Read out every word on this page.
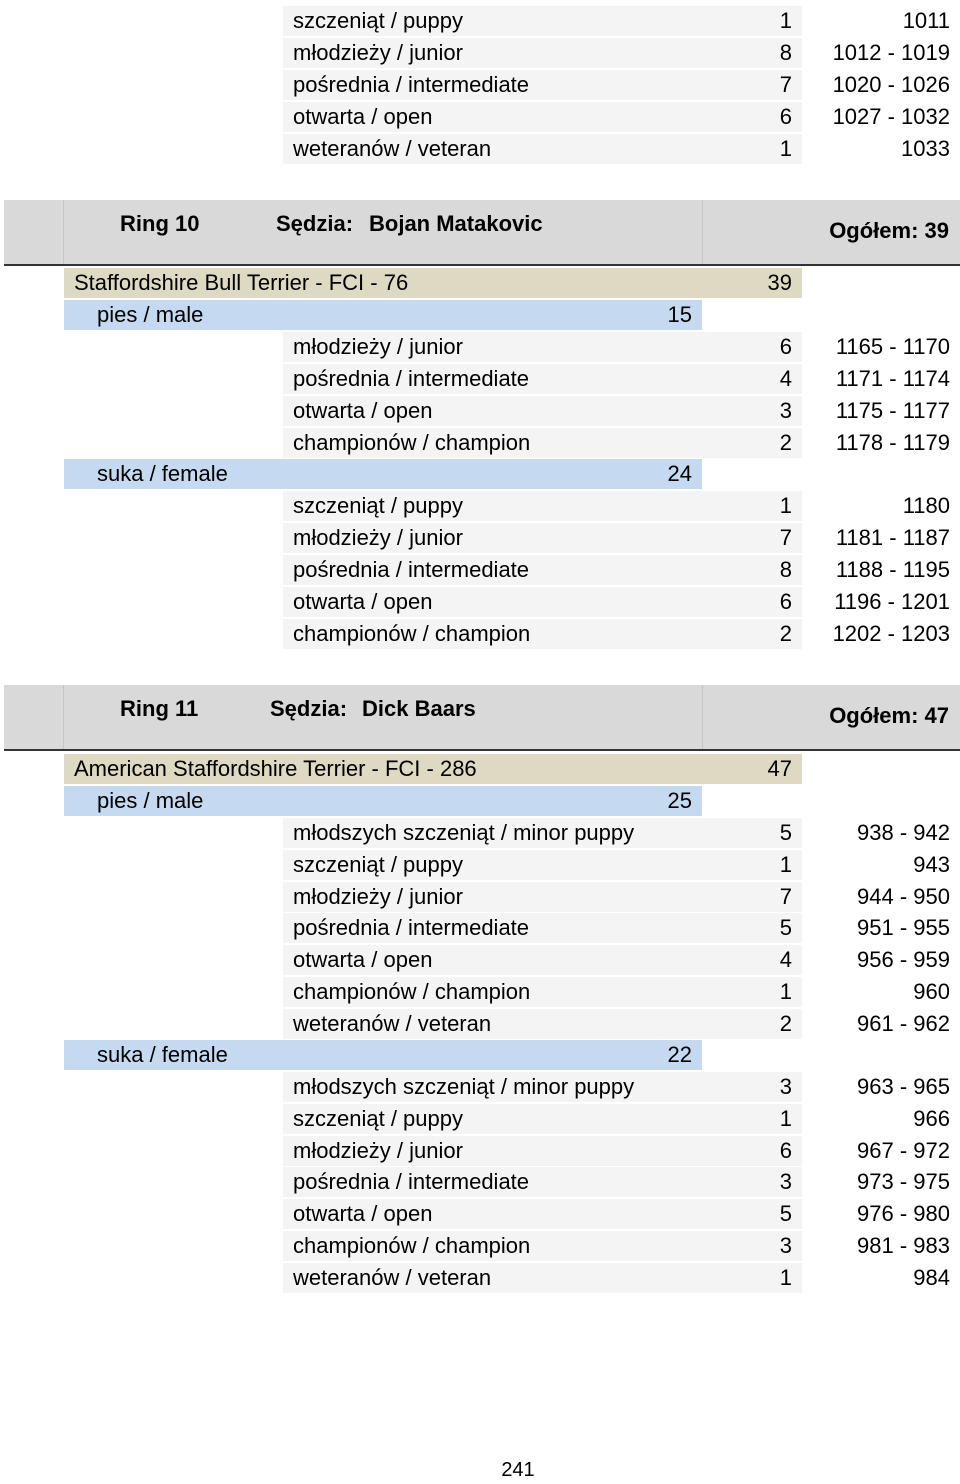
szczeniąt / puppy	1	1011
młodzieży / junior	8	1012 - 1019
pośrednia / intermediate	7	1020 - 1026
otwarta / open	6	1027 - 1032
weteranów / veteran	1	1033
Ring 10	Sędzia: Bojan Matakovic	Ogółem: 39
Staffordshire Bull Terrier - FCI - 76	39
pies / male	15
młodzieży / junior	6	1165 - 1170
pośrednia / intermediate	4	1171 - 1174
otwarta / open	3	1175 - 1177
championów / champion	2	1178 - 1179
suka / female	24
szczeniąt / puppy	1	1180
młodzieży / junior	7	1181 - 1187
pośrednia / intermediate	8	1188 - 1195
otwarta / open	6	1196 - 1201
championów / champion	2	1202 - 1203
Ring 11	Sędzia: Dick Baars	Ogółem: 47
American Staffordshire Terrier - FCI - 286	47
pies / male	25
młodszych szczeniąt / minor puppy	5	938 - 942
szczeniąt / puppy	1	943
młodzieży / junior	7	944 - 950
pośrednia / intermediate	5	951 - 955
otwarta / open	4	956 - 959
championów / champion	1	960
weteranów / veteran	2	961 - 962
suka / female	22
młodszych szczeniąt / minor puppy	3	963 - 965
szczeniąt / puppy	1	966
młodzieży / junior	6	967 - 972
pośrednia / intermediate	3	973 - 975
otwarta / open	5	976 - 980
championów / champion	3	981 - 983
weteranów / veteran	1	984
241
